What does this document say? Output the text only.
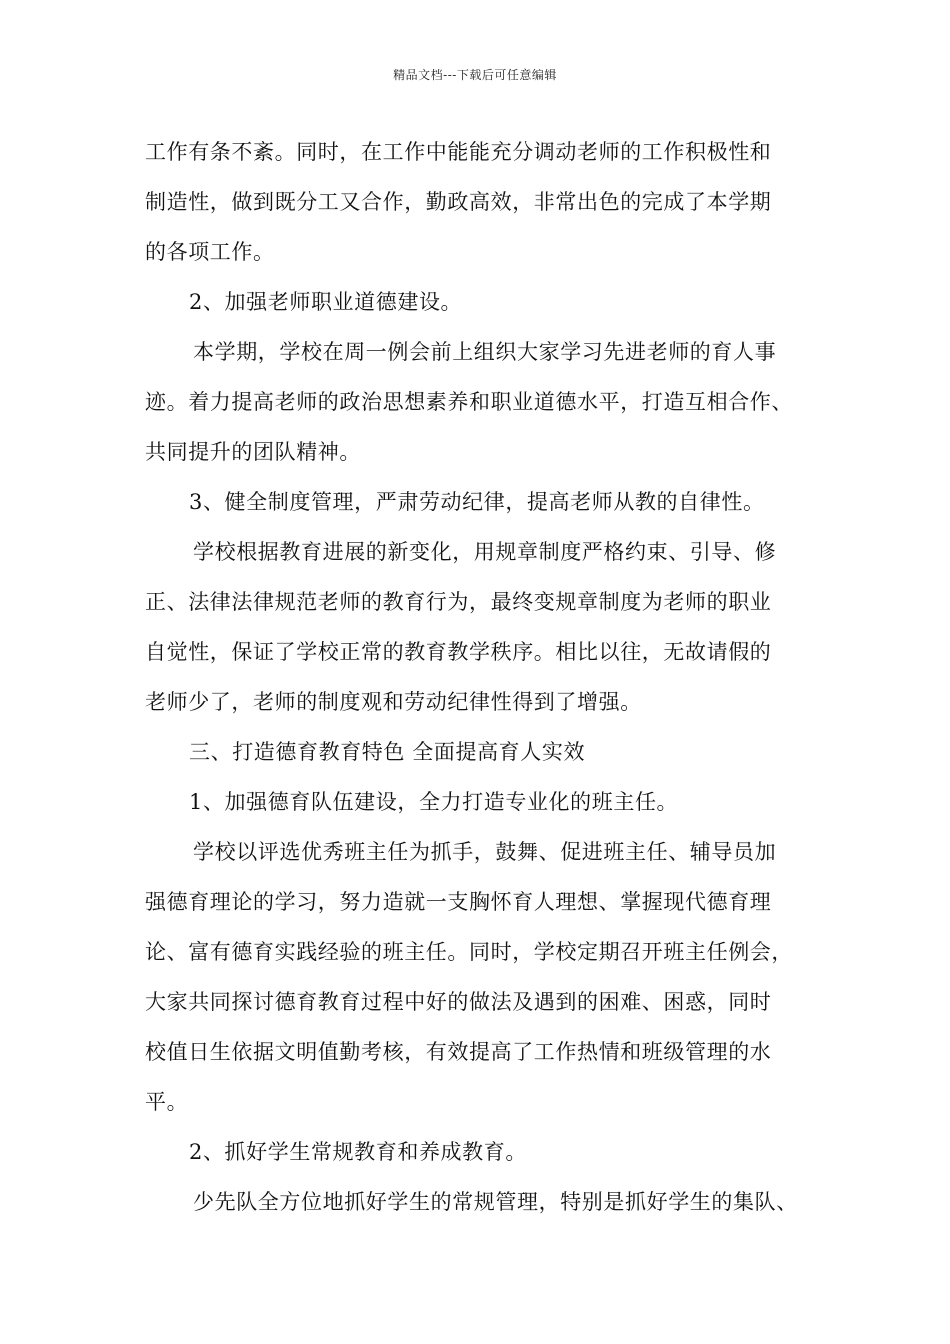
精品文档---下载后可任意编辑
工作有条不紊。同时，在工作中能能充分调动老师的工作积极性和
制造性，做到既分工又合作，勤政高效，非常出色的完成了本学期
的各项工作。
2、加强老师职业道德建设。
本学期，学校在周一例会前上组织大家学习先进老师的育人事
迹。着力提高老师的政治思想素养和职业道德水平，打造互相合作、
共同提升的团队精神。
3、健全制度管理，严肃劳动纪律，提高老师从教的自律性。
学校根据教育进展的新变化，用规章制度严格约束、引导、修
正、法律法律规范老师的教育行为，最终变规章制度为老师的职业
自觉性，保证了学校正常的教育教学秩序。相比以往，无故请假的
老师少了，老师的制度观和劳动纪律性得到了增强。
三、打造德育教育特色 全面提高育人实效
1、加强德育队伍建设，全力打造专业化的班主任。
学校以评选优秀班主任为抓手，鼓舞、促进班主任、辅导员加
强德育理论的学习，努力造就一支胸怀育人理想、掌握现代德育理
论、富有德育实践经验的班主任。同时，学校定期召开班主任例会，
大家共同探讨德育教育过程中好的做法及遇到的困难、困惑，同时
校值日生依据文明值勤考核，有效提高了工作热情和班级管理的水
平。
2、抓好学生常规教育和养成教育。
少先队全方位地抓好学生的常规管理，特别是抓好学生的集队、
